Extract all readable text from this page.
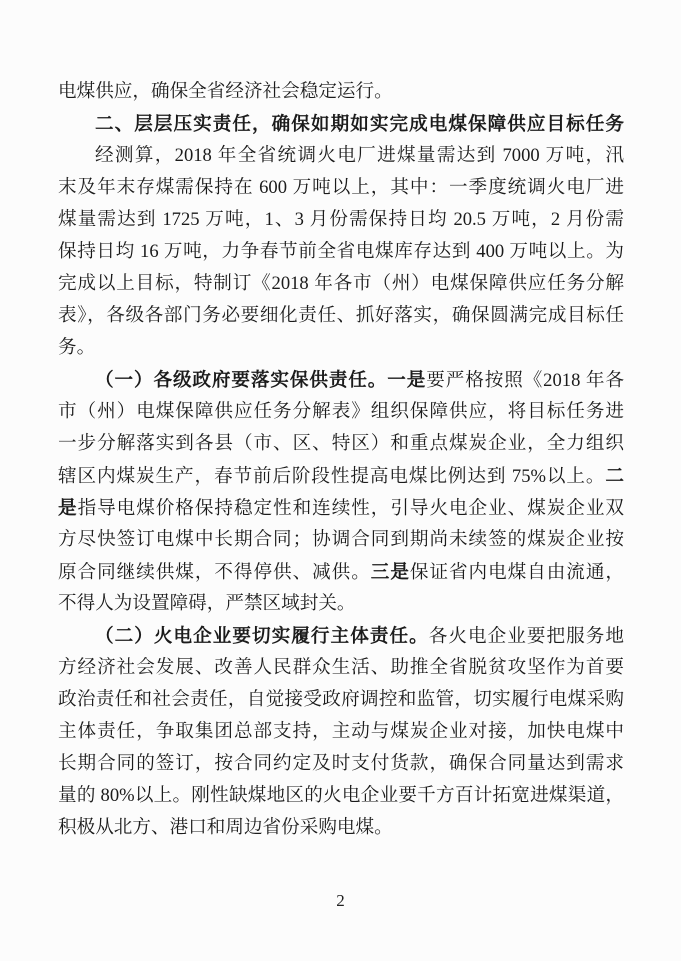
电煤供应，确保全省经济社会稳定运行。
二、层层压实责任，确保如期如实完成电煤保障供应目标任务
经测算，2018 年全省统调火电厂进煤量需达到 7000 万吨，汛
末及年末存煤需保持在 600 万吨以上，其中：一季度统调火电厂进
煤量需达到 1725 万吨，1、3 月份需保持日均 20.5 万吨，2 月份需
保持日均 16 万吨，力争春节前全省电煤库存达到 400 万吨以上。为
完成以上目标，特制订《2018 年各市（州）电煤保障供应任务分解
表》，各级各部门务必要细化责任、抓好落实，确保圆满完成目标任
务。
（一）各级政府要落实保供责任。一是要严格按照《2018 年各
市（州）电煤保障供应任务分解表》组织保障供应，将目标任务进
一步分解落实到各县（市、区、特区）和重点煤炭企业，全力组织
辖区内煤炭生产，春节前后阶段性提高电煤比例达到 75%以上。二
是指导电煤价格保持稳定性和连续性，引导火电企业、煤炭企业双
方尽快签订电煤中长期合同；协调合同到期尚未续签的煤炭企业按
原合同继续供煤，不得停供、减供。三是保证省内电煤自由流通，
不得人为设置障碍，严禁区域封关。
（二）火电企业要切实履行主体责任。各火电企业要把服务地
方经济社会发展、改善人民群众生活、助推全省脱贫攻坚作为首要
政治责任和社会责任，自觉接受政府调控和监管，切实履行电煤采购
主体责任，争取集团总部支持，主动与煤炭企业对接，加快电煤中
长期合同的签订，按合同约定及时支付货款，确保合同量达到需求
量的 80%以上。刚性缺煤地区的火电企业要千方百计拓宽进煤渠道，
积极从北方、港口和周边省份采购电煤。
2
